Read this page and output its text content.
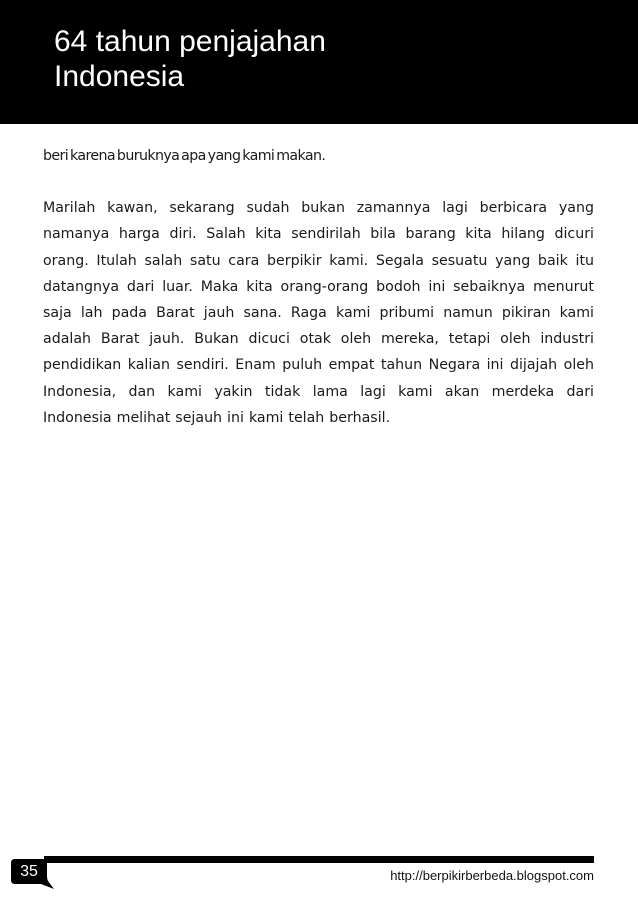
64 tahun penjajahan
Indonesia

beri karena buruknya apa yang kami makan.

Marilah kawan, sekarang sudah bukan zamannya lagi berbicara yang namanya harga diri. Salah kita sendirilah bila barang kita hilang dicuri orang. Itulah salah satu cara berpikir kami. Segala sesuatu yang baik itu datangnya dari luar. Maka kita orang-orang bodoh ini sebaiknya menurut saja lah pada Barat jauh sana. Raga kami pribumi namun pikiran kami adalah Barat jauh. Bukan dicuci otak oleh mereka, tetapi oleh industri pendidikan kalian sendiri. Enam puluh empat tahun Negara ini dijajah oleh Indonesia, dan kami yakin tidak lama lagi kami akan merdeka dari Indonesia melihat sejauh ini kami telah berhasil.

35	http://berpikirberbeda.blogspot.com
